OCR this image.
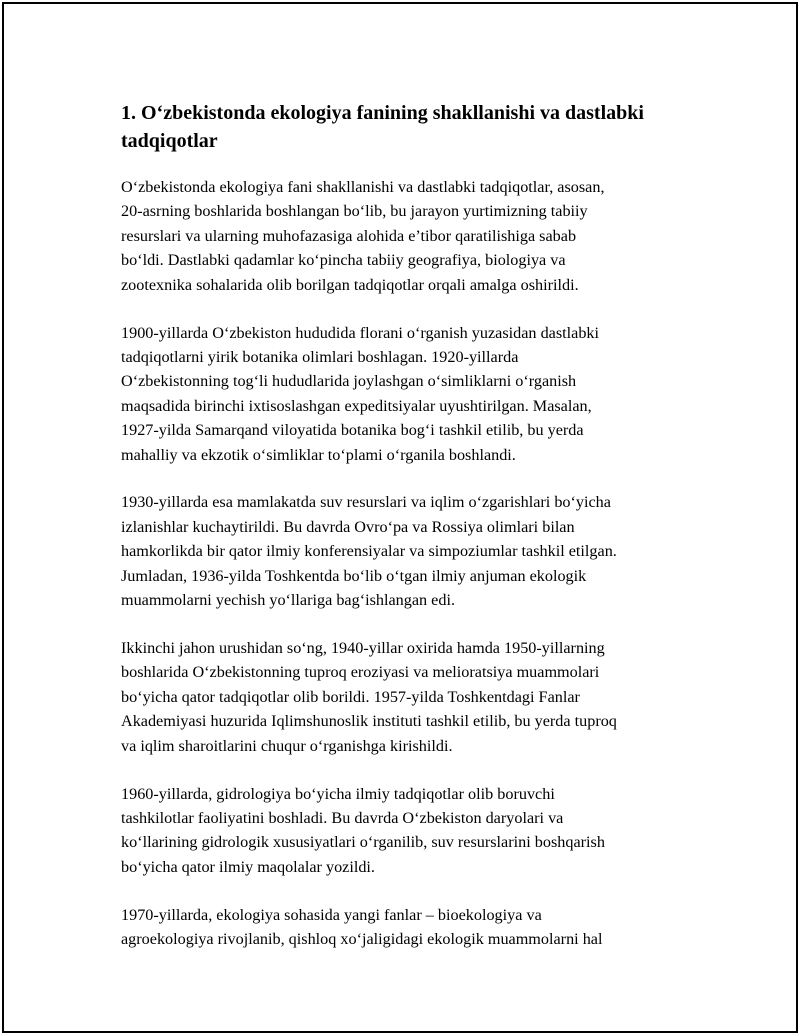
1. O‘zbekistonda ekologiya fanining shakllanishi va dastlabki
tadqiqotlar

O‘zbekistonda ekologiya fani shakllanishi va dastlabki tadqiqotlar, asosan,
20-asrning boshlarida boshlangan bo‘lib, bu jarayon yurtimizning tabiiy
resurslari va ularning muhofazasiga alohida e’tibor qaratilishiga sabab
bo‘ldi. Dastlabki qadamlar ko‘pincha tabiiy geografiya, biologiya va
zootexnika sohalarida olib borilgan tadqiqotlar orqali amalga oshirildi.

1900-yillarda O‘zbekiston hududida florani o‘rganish yuzasidan dastlabki
tadqiqotlarni yirik botanika olimlari boshlagan. 1920-yillarda
O‘zbekistonning tog‘li hududlarida joylashgan o‘simliklarni o‘rganish
maqsadida birinchi ixtisoslashgan expeditsiyalar uyushtirilgan. Masalan,
1927-yilda Samarqand viloyatida botanika bog‘i tashkil etilib, bu yerda
mahalliy va ekzotik o‘simliklar to‘plami o‘rganila boshlandi.

1930-yillarda esa mamlakatda suv resurslari va iqlim o‘zgarishlari bo‘yicha
izlanishlar kuchaytirildi. Bu davrda Ovro‘pa va Rossiya olimlari bilan
hamkorlikda bir qator ilmiy konferensiyalar va simpoziumlar tashkil etilgan.
Jumladan, 1936-yilda Toshkentda bo‘lib o‘tgan ilmiy anjuman ekologik
muammolarni yechish yo‘llariga bag‘ishlangan edi.

Ikkinchi jahon urushidan so‘ng, 1940-yillar oxirida hamda 1950-yillarning
boshlarida O‘zbekistonning tuproq eroziyasi va melioratsiya muammolari
bo‘yicha qator tadqiqotlar olib borildi. 1957-yilda Toshkentdagi Fanlar
Akademiyasi huzurida Iqlimshunoslik instituti tashkil etilib, bu yerda tuproq
va iqlim sharoitlarini chuqur o‘rganishga kirishildi.

1960-yillarda, gidrologiya bo‘yicha ilmiy tadqiqotlar olib boruvchi
tashkilotlar faoliyatini boshladi. Bu davrda O‘zbekiston daryolari va
ko‘llarining gidrologik xususiyatlari o‘rganilib, suv resurslarini boshqarish
bo‘yicha qator ilmiy maqolalar yozildi.

1970-yillarda, ekologiya sohasida yangi fanlar – bioekologiya va
agroekologiya rivojlanib, qishloq xo‘jaligidagi ekologik muammolarni hal
